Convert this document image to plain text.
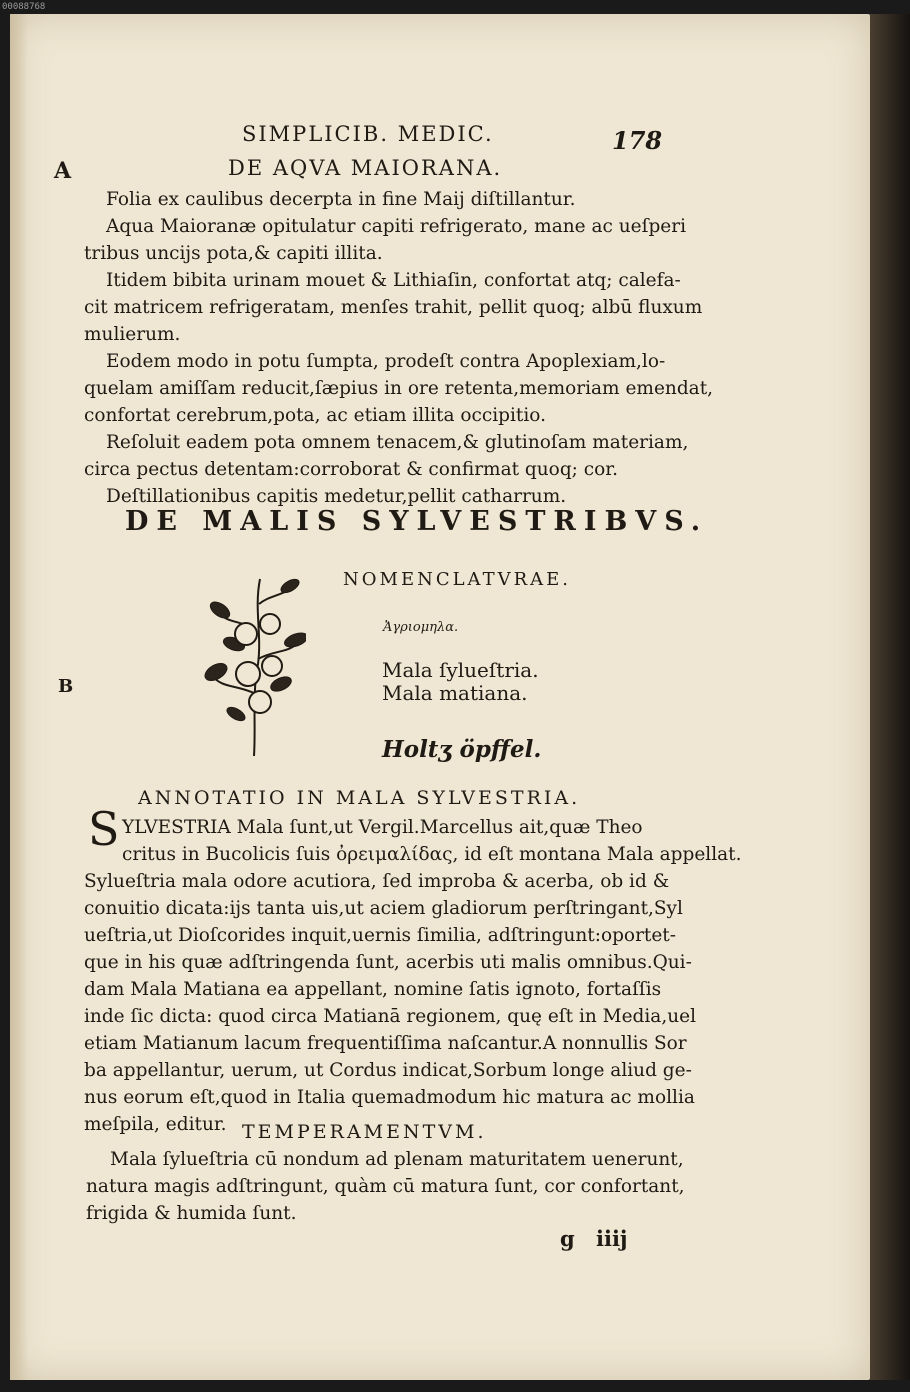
00088768
SIMPLICIB. MEDIC.	178
A
B
DE AQVA MAIORANA.
Folia ex caulibus decerpta in fine Maij diſtillantur.
Aqua Maioranæ opitulatur capiti refrigerato, mane ac ueſperi
tribus uncijs pota,& capiti illita.
Itidem bibita urinam mouet & Lithiaſin, confortat atq; calefa-
cit matricem refrigeratam, menſes trahit, pellit quoq; albū fluxum
mulierum.
Eodem modo in potu ſumpta, prodeſt contra Apoplexiam,lo-
quelam amiſſam reducit,ſæpius in ore retenta,memoriam emendat,
confortat cerebrum,pota, ac etiam illita occipitio.
Reſoluit eadem pota omnem tenacem,& glutinoſam materiam,
circa pectus detentam:corroborat & confirmat quoq; cor.
Deſtillationibus capitis medetur,pellit catharrum.
DE MALIS SYLVESTRIBVS.
NOMENCLATVRAE.
Ἀγριομηλα.
Mala ſylueſtria.
Mala matiana.
Holtʒ öpffel.
ANNOTATIO IN MALA SYLVESTRIA.
S YLVESTRIA Mala ſunt,ut Vergil.Marcellus ait,quæ Theo
critus in Bucolicis ſuis ὀρειμαλίδας, id eſt montana Mala appellat.
Sylueſtria mala odore acutiora, ſed improba & acerba, ob id &
conuitio dicata:ijs tanta uis,ut aciem gladiorum perſtringant,Syl
ueſtria,ut Dioſcorides inquit,uernis ſimilia, adſtringunt:oportet-
que in his quæ adſtringenda ſunt, acerbis uti malis omnibus.Qui-
dam Mala Matiana ea appellant, nomine ſatis ignoto, fortaſſis
inde ſic dicta: quod circa Matianā regionem, quę eſt in Media,uel
etiam Matianum lacum frequentiſſima naſcantur.A nonnullis Sor
ba appellantur, uerum, ut Cordus indicat,Sorbum longe aliud ge-
nus eorum eſt,quod in Italia quemadmodum hic matura ac mollia
meſpila, editur. TEMPERAMENTVM.
Mala ſylueſtria cū nondum ad plenam maturitatem uenerunt,
natura magis adſtringunt, quàm cū matura ſunt, cor confortant,
frigida & humida ſunt.
g iiij
